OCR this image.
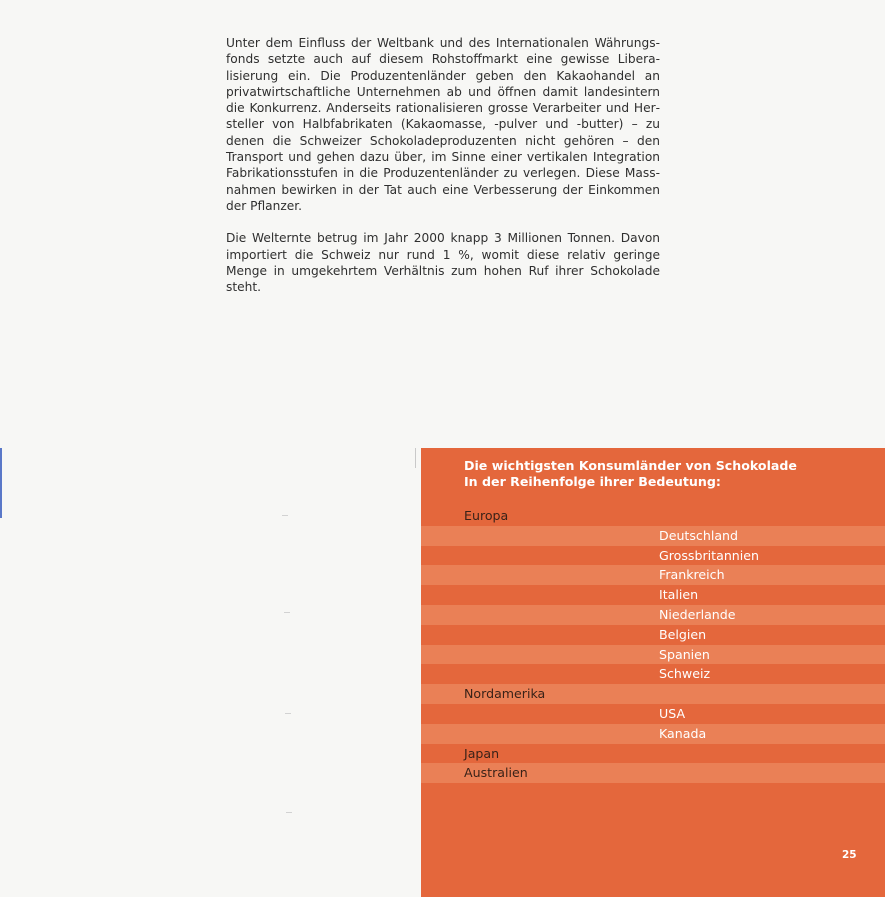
Unter dem Einfluss der Weltbank und des Internationalen Währungsfonds setzte auch auf diesem Rohstoffmarkt eine gewisse Liberalisierung ein. Die Produzentenländer geben den Kakaohandel an privatwirtschaftliche Unternehmen ab und öffnen damit landesintern die Konkurrenz. Anderseits rationalisieren grosse Verarbeiter und Hersteller von Halbfabrikaten (Kakaomasse, -pulver und -butter) – zu denen die Schweizer Schokoladeproduzenten nicht gehören – den Transport und gehen dazu über, im Sinne einer vertikalen Integration Fabrikationsstufen in die Produzentenländer zu verlegen. Diese Massnahmen bewirken in der Tat auch eine Verbesserung der Einkommen der Pflanzer.

Die Welternte betrug im Jahr 2000 knapp 3 Millionen Tonnen. Davon importiert die Schweiz nur rund 1 %, womit diese relativ geringe Menge in umgekehrtem Verhältnis zum hohen Ruf ihrer Schokolade steht.

Die wichtigsten Konsumländer von Schokolade
In der Reihenfolge ihrer Bedeutung:
Europa
Deutschland
Grossbritannien
Frankreich
Italien
Niederlande
Belgien
Spanien
Schweiz
Nordamerika
USA
Kanada
Japan
Australien
25
